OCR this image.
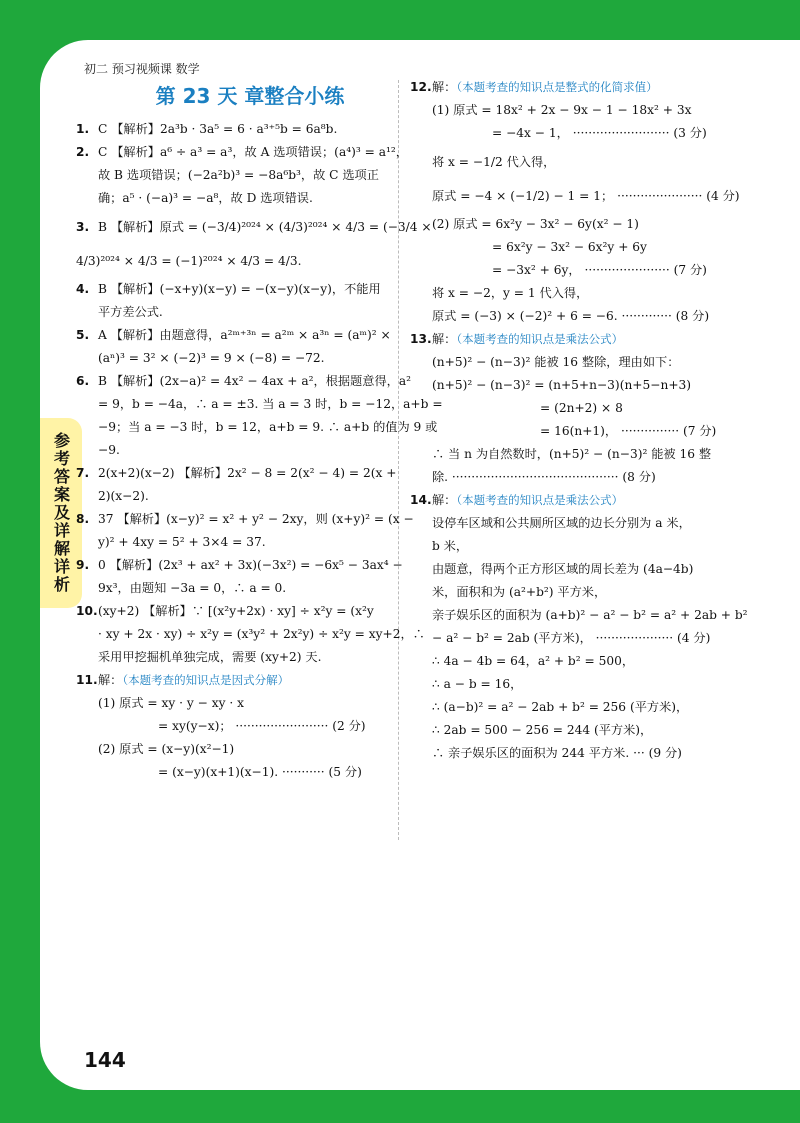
初二 预习视频课 数学
参考答案及详解详析
第 23 天 章整合小练
1. C 【解析】2a³b · 3a⁵ = 6 · a³⁺⁵b = 6a⁸b.
2. C 【解析】a⁶ ÷ a³ = a³，故 A 选项错误；(a⁴)³ = a¹²，
故 B 选项错误；(−2a²b)³ = −8a⁶b³，故 C 选项正
确；a⁵ · (−a)³ = −a⁸，故 D 选项错误.
3. B 【解析】原式 = (−3/4)²⁰²⁴ × (4/3)²⁰²⁴ × 4/3 = (−3/4 ×
4/3)²⁰²⁴ × 4/3 = (−1)²⁰²⁴ × 4/3 = 4/3.
4. B 【解析】(−x+y)(x−y) = −(x−y)(x−y)，不能用
平方差公式.
5. A 【解析】由题意得，a²ᵐ⁺³ⁿ = a²ᵐ × a³ⁿ = (aᵐ)² ×
(aⁿ)³ = 3² × (−2)³ = 9 × (−8) = −72.
6. B 【解析】(2x−a)² = 4x² − 4ax + a²，根据题意得，a²
= 9，b = −4a，∴ a = ±3. 当 a = 3 时，b = −12，a+b =
−9；当 a = −3 时，b = 12，a+b = 9. ∴ a+b 的值为 9 或
−9.
7. 2(x+2)(x−2) 【解析】2x² − 8 = 2(x² − 4) = 2(x +
2)(x−2).
8. 37 【解析】(x−y)² = x² + y² − 2xy，则 (x+y)² = (x −
y)² + 4xy = 5² + 3×4 = 37.
9. 0 【解析】(2x³ + ax² + 3x)(−3x²) = −6x⁵ − 3ax⁴ −
9x³，由题知 −3a = 0，∴ a = 0.
10.(xy+2) 【解析】∵ [(x²y+2x) · xy] ÷ x²y = (x²y
· xy + 2x · xy) ÷ x²y = (x³y² + 2x²y) ÷ x²y = xy+2，∴
采用甲挖掘机单独完成，需要 (xy+2) 天.
11.解：（本题考查的知识点是因式分解）
(1) 原式 = xy · y − xy · x
= xy(y−x)； ························ (2 分)
(2) 原式 = (x−y)(x²−1)
= (x−y)(x+1)(x−1). ··········· (5 分)
12.解：（本题考查的知识点是整式的化简求值）
(1) 原式 = 18x² + 2x − 9x − 1 − 18x² + 3x
= −4x − 1， ························· (3 分)
将 x = −1/2 代入得，
原式 = −4 × (−1/2) − 1 = 1； ······················ (4 分)
(2) 原式 = 6x²y − 3x² − 6y(x² − 1)
= 6x²y − 3x² − 6x²y + 6y
= −3x² + 6y， ······················ (7 分)
将 x = −2，y = 1 代入得，
原式 = (−3) × (−2)² + 6 = −6. ············· (8 分)
13.解：（本题考查的知识点是乘法公式）
(n+5)² − (n−3)² 能被 16 整除，理由如下：
(n+5)² − (n−3)² = (n+5+n−3)(n+5−n+3)
= (2n+2) × 8
= 16(n+1)， ··············· (7 分)
∴ 当 n 为自然数时，(n+5)² − (n−3)² 能被 16 整
除. ··········································· (8 分)
14.解：（本题考查的知识点是乘法公式）
设停车区域和公共厕所区域的边长分别为 a 米，
b 米，
由题意，得两个正方形区域的周长差为 (4a−4b)
米，面积和为 (a²+b²) 平方米，
亲子娱乐区的面积为 (a+b)² − a² − b² = a² + 2ab + b²
− a² − b² = 2ab (平方米)， ···················· (4 分)
∴ 4a − 4b = 64，a² + b² = 500，
∴ a − b = 16，
∴ (a−b)² = a² − 2ab + b² = 256 (平方米)，
∴ 2ab = 500 − 256 = 244 (平方米)，
∴ 亲子娱乐区的面积为 244 平方米. ··· (9 分)
144
